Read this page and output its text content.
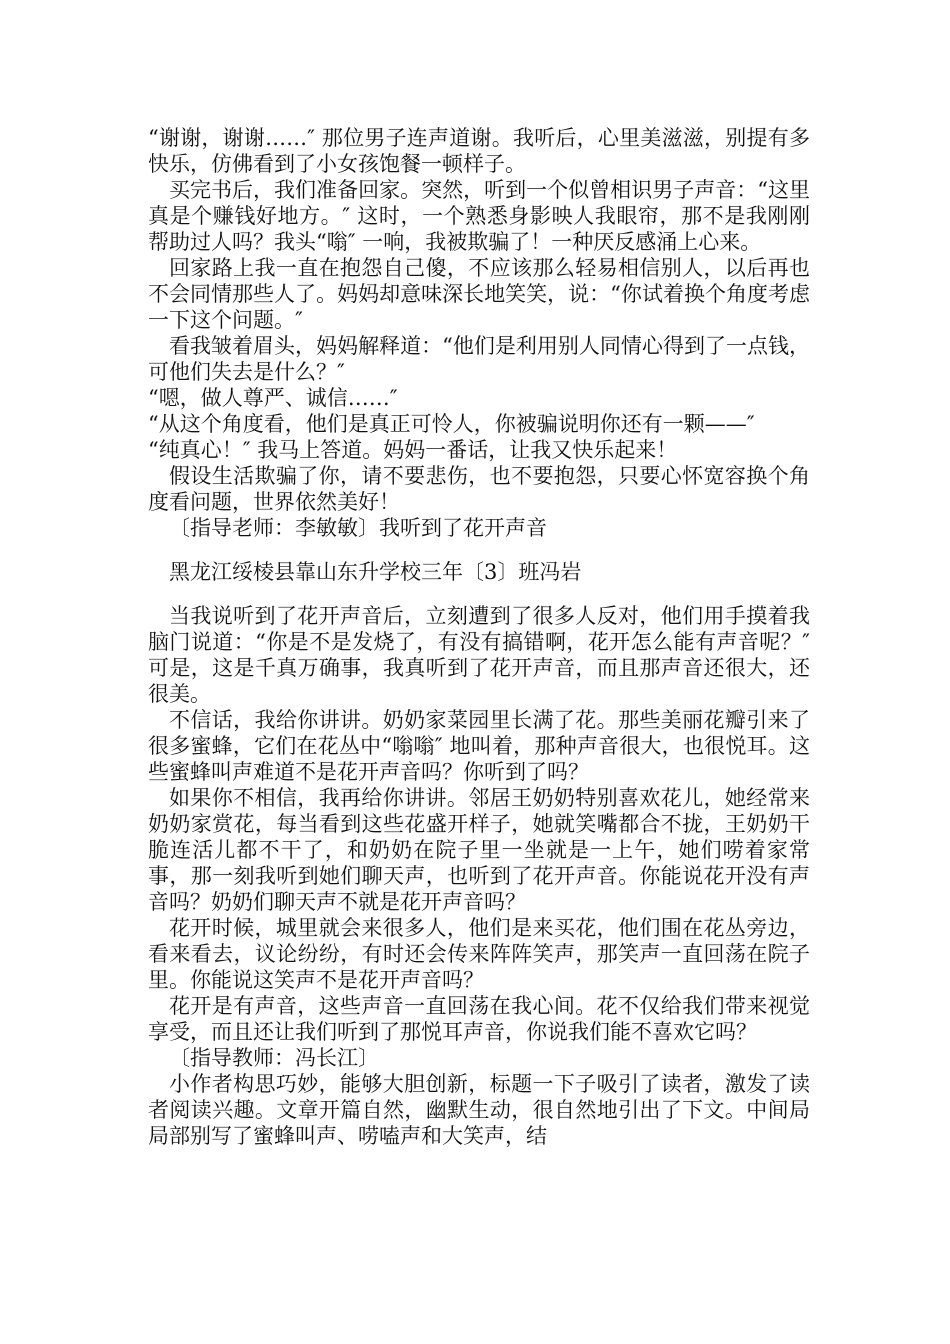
“谢谢，谢谢……″ 那位男子连声道谢。我听后，心里美滋滋，别提有多快乐，仿佛看到了小女孩饱餐一顿样子。

买完书后，我们准备回家。突然，听到一个似曾相识男子声音：“这里真是个赚钱好地方。″ 这时，一个熟悉身影映人我眼帘，那不是我刚刚帮助过人吗？我头“嗡″ 一响，我被欺骗了！一种厌反感涌上心来。

回家路上我一直在抱怨自己傻，不应该那么轻易相信别人，以后再也不会同情那些人了。妈妈却意味深长地笑笑，说：“你试着换个角度考虑一下这个问题。″

看我皱着眉头，妈妈解释道：“他们是利用别人同情心得到了一点钱，可他们失去是什么？″

“嗯，做人尊严、诚信……″

“从这个角度看，他们是真正可怜人，你被骗说明你还有一颗——″

“纯真心！″ 我马上答道。妈妈一番话，让我又快乐起来！

假设生活欺骗了你，请不要悲伤，也不要抱怨，只要心怀宽容换个角度看问题，世界依然美好！

〔指导老师：李敏敏〕我听到了花开声音

黑龙江绥棱县靠山东升学校三年〔3〕班冯岩

当我说听到了花开声音后，立刻遭到了很多人反对，他们用手摸着我脑门说道：“你是不是发烧了，有没有搞错啊，花开怎么能有声音呢？″ 可是，这是千真万确事，我真听到了花开声音，而且那声音还很大，还很美。

不信话，我给你讲讲。奶奶家菜园里长满了花。那些美丽花瓣引来了很多蜜蜂，它们在花丛中“嗡嗡″ 地叫着，那种声音很大，也很悦耳。这些蜜蜂叫声难道不是花开声音吗？你听到了吗？

如果你不相信，我再给你讲讲。邻居王奶奶特别喜欢花儿，她经常来奶奶家赏花，每当看到这些花盛开样子，她就笑嘴都合不拢，王奶奶干脆连活儿都不干了，和奶奶在院子里一坐就是一上午，她们唠着家常事，那一刻我听到她们聊天声，也听到了花开声音。你能说花开没有声音吗？奶奶们聊天声不就是花开声音吗？

花开时候，城里就会来很多人，他们是来买花，他们围在花丛旁边，看来看去，议论纷纷，有时还会传来阵阵笑声，那笑声一直回荡在院子里。你能说这笑声不是花开声音吗？

花开是有声音，这些声音一直回荡在我心间。花不仅给我们带来视觉享受，而且还让我们听到了那悦耳声音，你说我们能不喜欢它吗？

〔指导教师：冯长江〕

小作者构思巧妙，能够大胆创新，标题一下子吸引了读者，激发了读者阅读兴趣。文章开篇自然，幽默生动，很自然地引出了下文。中间局局部别写了蜜蜂叫声、唠嗑声和大笑声，结
